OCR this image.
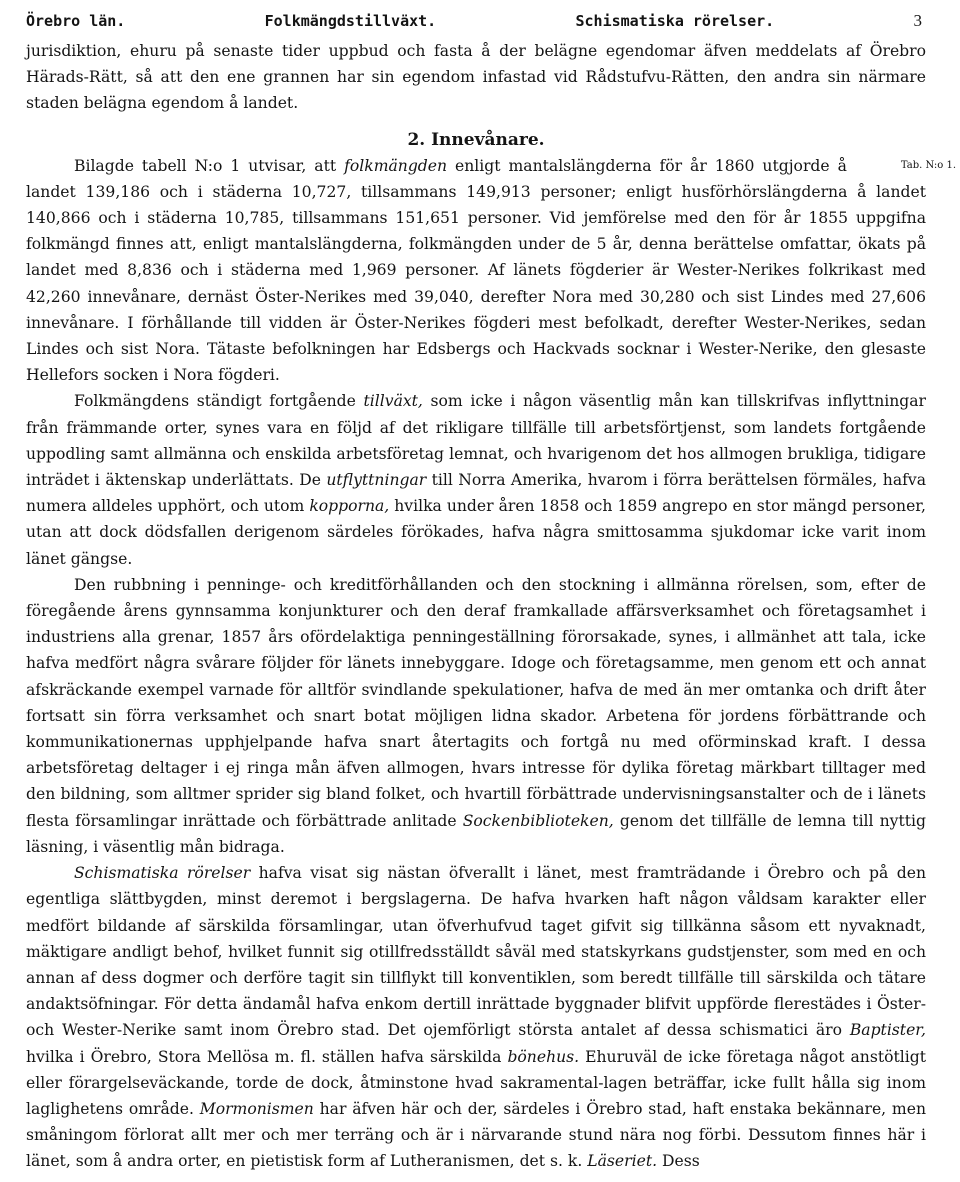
Örebro län.	Folkmängdstillväxt.	Schismatiska rörelser.	3

jurisdiktion, ehuru på senaste tider uppbud och fasta å der belägne egendomar äfven meddelats af Örebro Härads-Rätt, så att den ene grannen har sin egendom infastad vid Rådstufvu-Rätten, den andra sin närmare staden belägna egendom å landet.

2. Innevånare.

Tab. N:o 1.
Bilagde tabell N:o 1 utvisar, att folkmängden enligt mantalslängderna för år 1860 utgjorde å landet 139,186 och i städerna 10,727, tillsammans 149,913 personer; enligt husförhörslängderna å landet 140,866 och i städerna 10,785, tillsammans 151,651 personer. Vid jemförelse med den för år 1855 uppgifna folkmängd finnes att, enligt mantalslängderna, folkmängden under de 5 år, denna berättelse omfattar, ökats på landet med 8,836 och i städerna med 1,969 personer. Af länets fögderier är Wester-Nerikes folkrikast med 42,260 innevånare, dernäst Öster-Nerikes med 39,040, derefter Nora med 30,280 och sist Lindes med 27,606 innevånare. I förhållande till vidden är Öster-Nerikes fögderi mest befolkadt, derefter Wester-Nerikes, sedan Lindes och sist Nora. Tätaste befolkningen har Edsbergs och Hackvads socknar i Wester-Nerike, den glesaste Hellefors socken i Nora fögderi.

Folkmängdens ständigt fortgående tillväxt, som icke i någon väsentlig mån kan tillskrifvas inflyttningar från främmande orter, synes vara en följd af det rikligare tillfälle till arbetsförtjenst, som landets fortgående uppodling samt allmänna och enskilda arbetsföretag lemnat, och hvarigenom det hos allmogen brukliga, tidigare inträdet i äktenskap underlättats. De utflyttningar till Norra Amerika, hvarom i förra berättelsen förmäles, hafva numera alldeles upphört, och utom kopporna, hvilka under åren 1858 och 1859 angrepo en stor mängd personer, utan att dock dödsfallen derigenom särdeles förökades, hafva några smittosamma sjukdomar icke varit inom länet gängse.

Den rubbning i penninge- och kreditförhållanden och den stockning i allmänna rörelsen, som, efter de föregående årens gynnsamma konjunkturer och den deraf framkallade affärsverksamhet och företagsamhet i industriens alla grenar, 1857 års ofördelaktiga penningeställning förorsakade, synes, i allmänhet att tala, icke hafva medfört några svårare följder för länets innebyggare. Idoge och företagsamme, men genom ett och annat afskräckande exempel varnade för alltför svindlande spekulationer, hafva de med än mer omtanka och drift åter fortsatt sin förra verksamhet och snart botat möjligen lidna skador. Arbetena för jordens förbättrande och kommunikationernas upphjelpande hafva snart återtagits och fortgå nu med oförminskad kraft. I dessa arbetsföretag deltager i ej ringa mån äfven allmogen, hvars intresse för dylika företag märkbart tilltager med den bildning, som alltmer sprider sig bland folket, och hvartill förbättrade undervisningsanstalter och de i länets flesta församlingar inrättade och förbättrade anlitade Sockenbiblioteken, genom det tillfälle de lemna till nyttig läsning, i väsentlig mån bidraga.

Schismatiska rörelser hafva visat sig nästan öfverallt i länet, mest framträdande i Örebro och på den egentliga slättbygden, minst deremot i bergslagerna. De hafva hvarken haft någon våldsam karakter eller medfört bildande af särskilda församlingar, utan öfverhufvud taget gifvit sig tillkänna såsom ett nyvaknadt, mäktigare andligt behof, hvilket funnit sig otillfredsställdt såväl med statskyrkans gudstjenster, som med en och annan af dess dogmer och derföre tagit sin tillflykt till konventiklen, som beredt tillfälle till särskilda och tätare andaktsöfningar. För detta ändamål hafva enkom dertill inrättade byggnader blifvit uppförde flerestädes i Öster- och Wester-Nerike samt inom Örebro stad. Det ojemförligt största antalet af dessa schismatici äro Baptister, hvilka i Örebro, Stora Mellösa m. fl. ställen hafva särskilda bönehus. Ehuruväl de icke företaga något anstötligt eller förargelseväckande, torde de dock, åtminstone hvad sakramental-lagen beträffar, icke fullt hålla sig inom laglighetens område. Mormonismen har äfven här och der, särdeles i Örebro stad, haft enstaka bekännare, men småningom förlorat allt mer och mer terräng och är i närvarande stund nära nog förbi. Dessutom finnes här i länet, som å andra orter, en pietistisk form af Lutheranismen, det s. k. Läseriet. Dess
